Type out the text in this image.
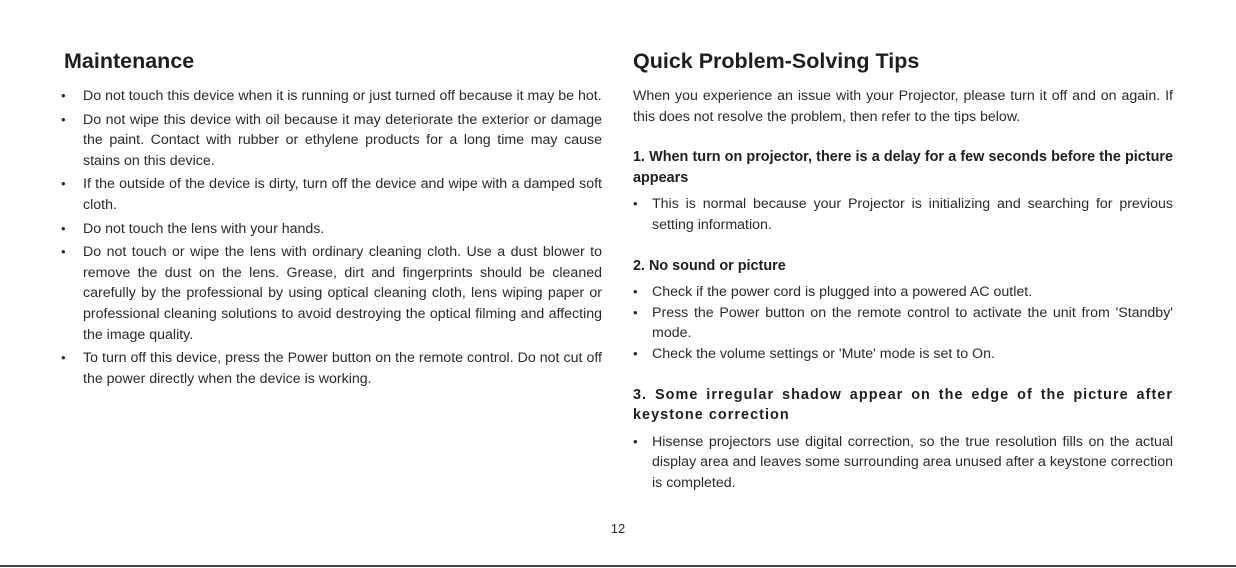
Maintenance
• Do not touch this device when it is running or just turned off because it may be hot.
• Do not wipe this device with oil because it may deteriorate the exterior or damage the paint. Contact with rubber or ethylene products for a long time may cause stains on this device.
• If the outside of the device is dirty, turn off the device and wipe with a damped soft cloth.
• Do not touch the lens with your hands.
• Do not touch or wipe the lens with ordinary cleaning cloth. Use a dust blower to remove the dust on the lens. Grease, dirt and fingerprints should be cleaned carefully by the professional by using optical cleaning cloth, lens wiping paper or professional cleaning solutions to avoid destroying the optical filming and affecting the image quality.
• To turn off this device, press the Power button on the remote control. Do not cut off the power directly when the device is working.
Quick Problem-Solving Tips

When you experience an issue with your Projector, please turn it off and on again. If this does not resolve the problem, then refer to the tips below.

1. When turn on projector, there is a delay for a few seconds before the picture appears
• This is normal because your Projector is initializing and searching for previous setting information.
2. No sound or picture
• Check if the power cord is plugged into a powered AC outlet.
• Press the Power button on the remote control to activate the unit from 'Standby' mode.
• Check the volume settings or 'Mute' mode is set to On.
3. Some irregular shadow appear on the edge of the picture after keystone correction
• Hisense projectors use digital correction, so the true resolution fills on the actual display area and leaves some surrounding area unused after a keystone correction is completed.
12
